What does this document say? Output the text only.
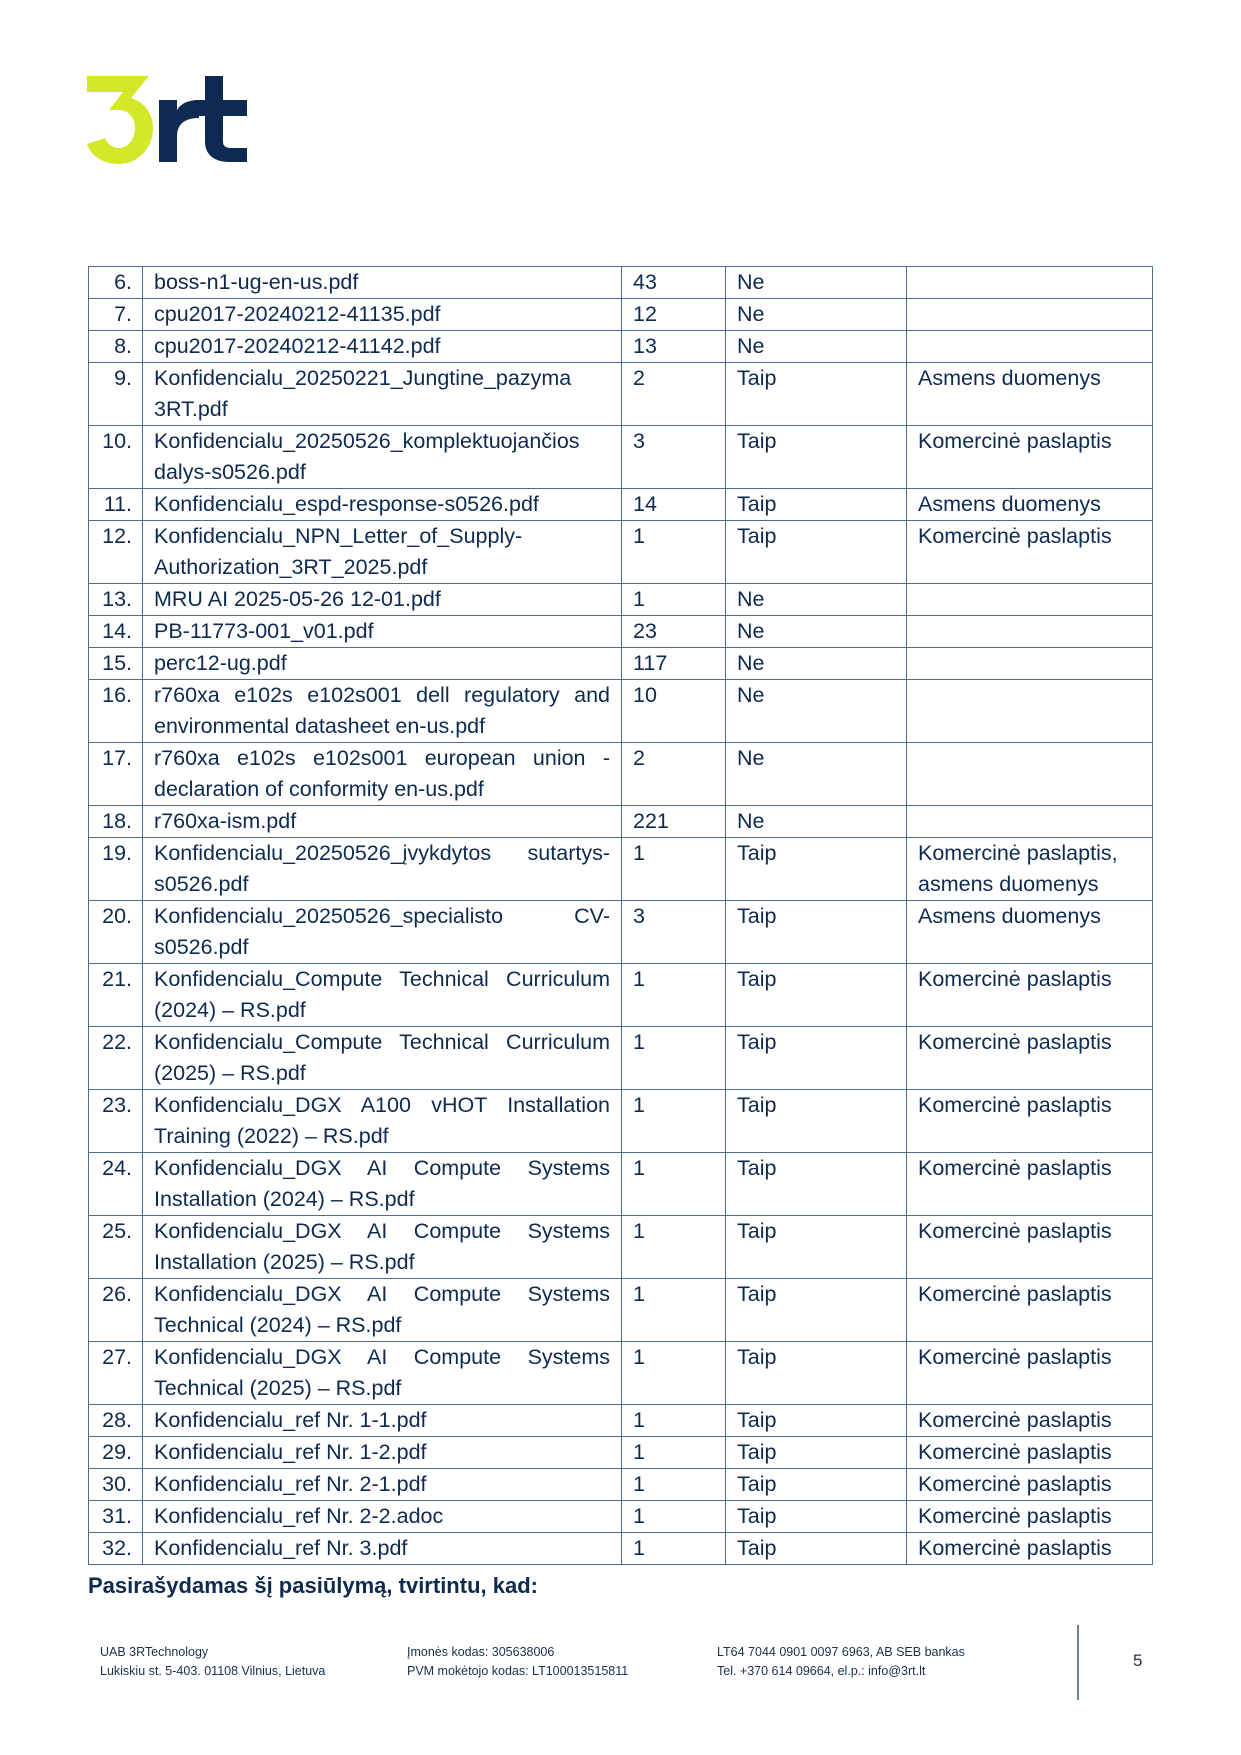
6.	boss-n1-ug-en-us.pdf	43	Ne	
7.	cpu2017-20240212-41135.pdf	12	Ne	
8.	cpu2017-20240212-41142.pdf	13	Ne	
9.	Konfidencialu_20250221_Jungtine_pazyma 3RT.pdf	2	Taip	Asmens duomenys
10.	Konfidencialu_20250526_komplektuojančios dalys-s0526.pdf	3	Taip	Komercinė paslaptis
11.	Konfidencialu_espd-response-s0526.pdf	14	Taip	Asmens duomenys
12.	Konfidencialu_NPN_Letter_of_Supply-Authorization_3RT_2025.pdf	1	Taip	Komercinė paslaptis
13.	MRU AI 2025-05-26 12-01.pdf	1	Ne	
14.	PB-11773-001_v01.pdf	23	Ne	
15.	perc12-ug.pdf	117	Ne	
16.	r760xa e102s e102s001 dell regulatory and environmental datasheet en-us.pdf	10	Ne	
17.	r760xa e102s e102s001 european union - declaration of conformity en-us.pdf	2	Ne	
18.	r760xa-ism.pdf	221	Ne	
19.	Konfidencialu_20250526_įvykdytos sutartys-s0526.pdf	1	Taip	Komercinė paslaptis, asmens duomenys
20.	Konfidencialu_20250526_specialisto CV-s0526.pdf	3	Taip	Asmens duomenys
21.	Konfidencialu_Compute Technical Curriculum (2024) – RS.pdf	1	Taip	Komercinė paslaptis
22.	Konfidencialu_Compute Technical Curriculum (2025) – RS.pdf	1	Taip	Komercinė paslaptis
23.	Konfidencialu_DGX A100 vHOT Installation Training (2022) – RS.pdf	1	Taip	Komercinė paslaptis
24.	Konfidencialu_DGX AI Compute Systems Installation (2024) – RS.pdf	1	Taip	Komercinė paslaptis
25.	Konfidencialu_DGX AI Compute Systems Installation (2025) – RS.pdf	1	Taip	Komercinė paslaptis
26.	Konfidencialu_DGX AI Compute Systems Technical (2024) – RS.pdf	1	Taip	Komercinė paslaptis
27.	Konfidencialu_DGX AI Compute Systems Technical (2025) – RS.pdf	1	Taip	Komercinė paslaptis
28.	Konfidencialu_ref Nr. 1-1.pdf	1	Taip	Komercinė paslaptis
29.	Konfidencialu_ref Nr. 1-2.pdf	1	Taip	Komercinė paslaptis
30.	Konfidencialu_ref Nr. 2-1.pdf	1	Taip	Komercinė paslaptis
31.	Konfidencialu_ref Nr. 2-2.adoc	1	Taip	Komercinė paslaptis
32.	Konfidencialu_ref Nr. 3.pdf	1	Taip	Komercinė paslaptis
Pasirašydamas šį pasiūlymą, tvirtintu, kad:
UAB 3RTechnology
Lukiskiu st. 5-403. 01108 Vilnius, Lietuva
Įmonės kodas: 305638006
PVM mokėtojo kodas: LT100013515811
LT64 7044 0901 0097 6963, AB SEB bankas
Tel. +370 614 09664, el.p.: info@3rt.lt
5
